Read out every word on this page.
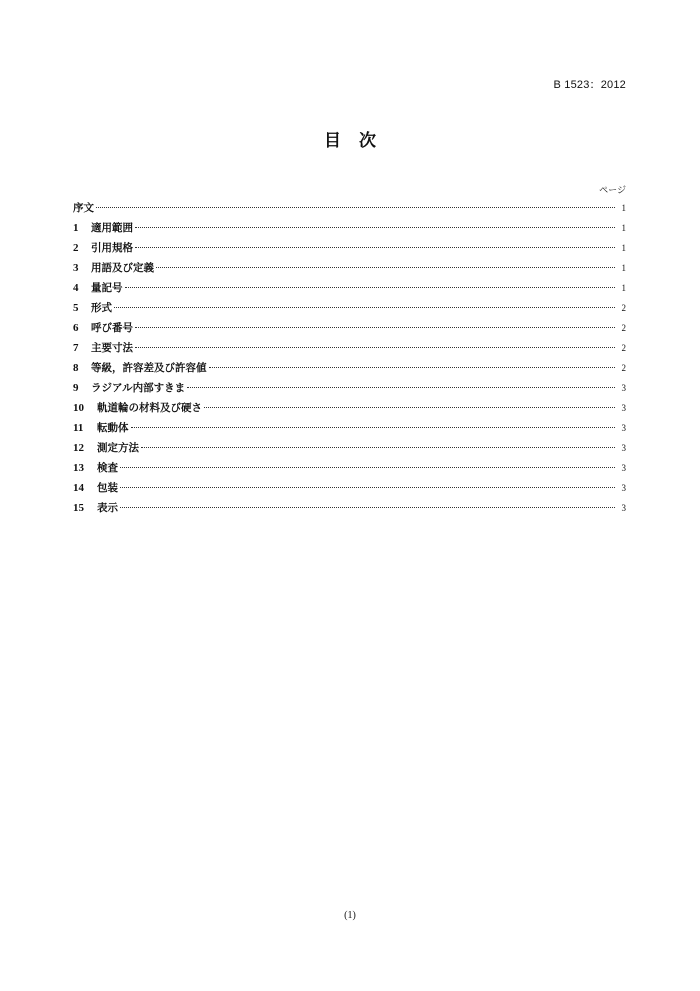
B 1523：2012
目次
ページ
序文	1
1	適用範囲	1
2	引用規格	1
3	用語及び定義	1
4	量記号	1
5	形式	2
6	呼び番号	2
7	主要寸法	2
8	等級，許容差及び許容値	2
9	ラジアル内部すきま	3
10	軌道輪の材料及び硬さ	3
11	転動体	3
12	測定方法	3
13	検査	3
14	包装	3
15	表示	3
(1)
